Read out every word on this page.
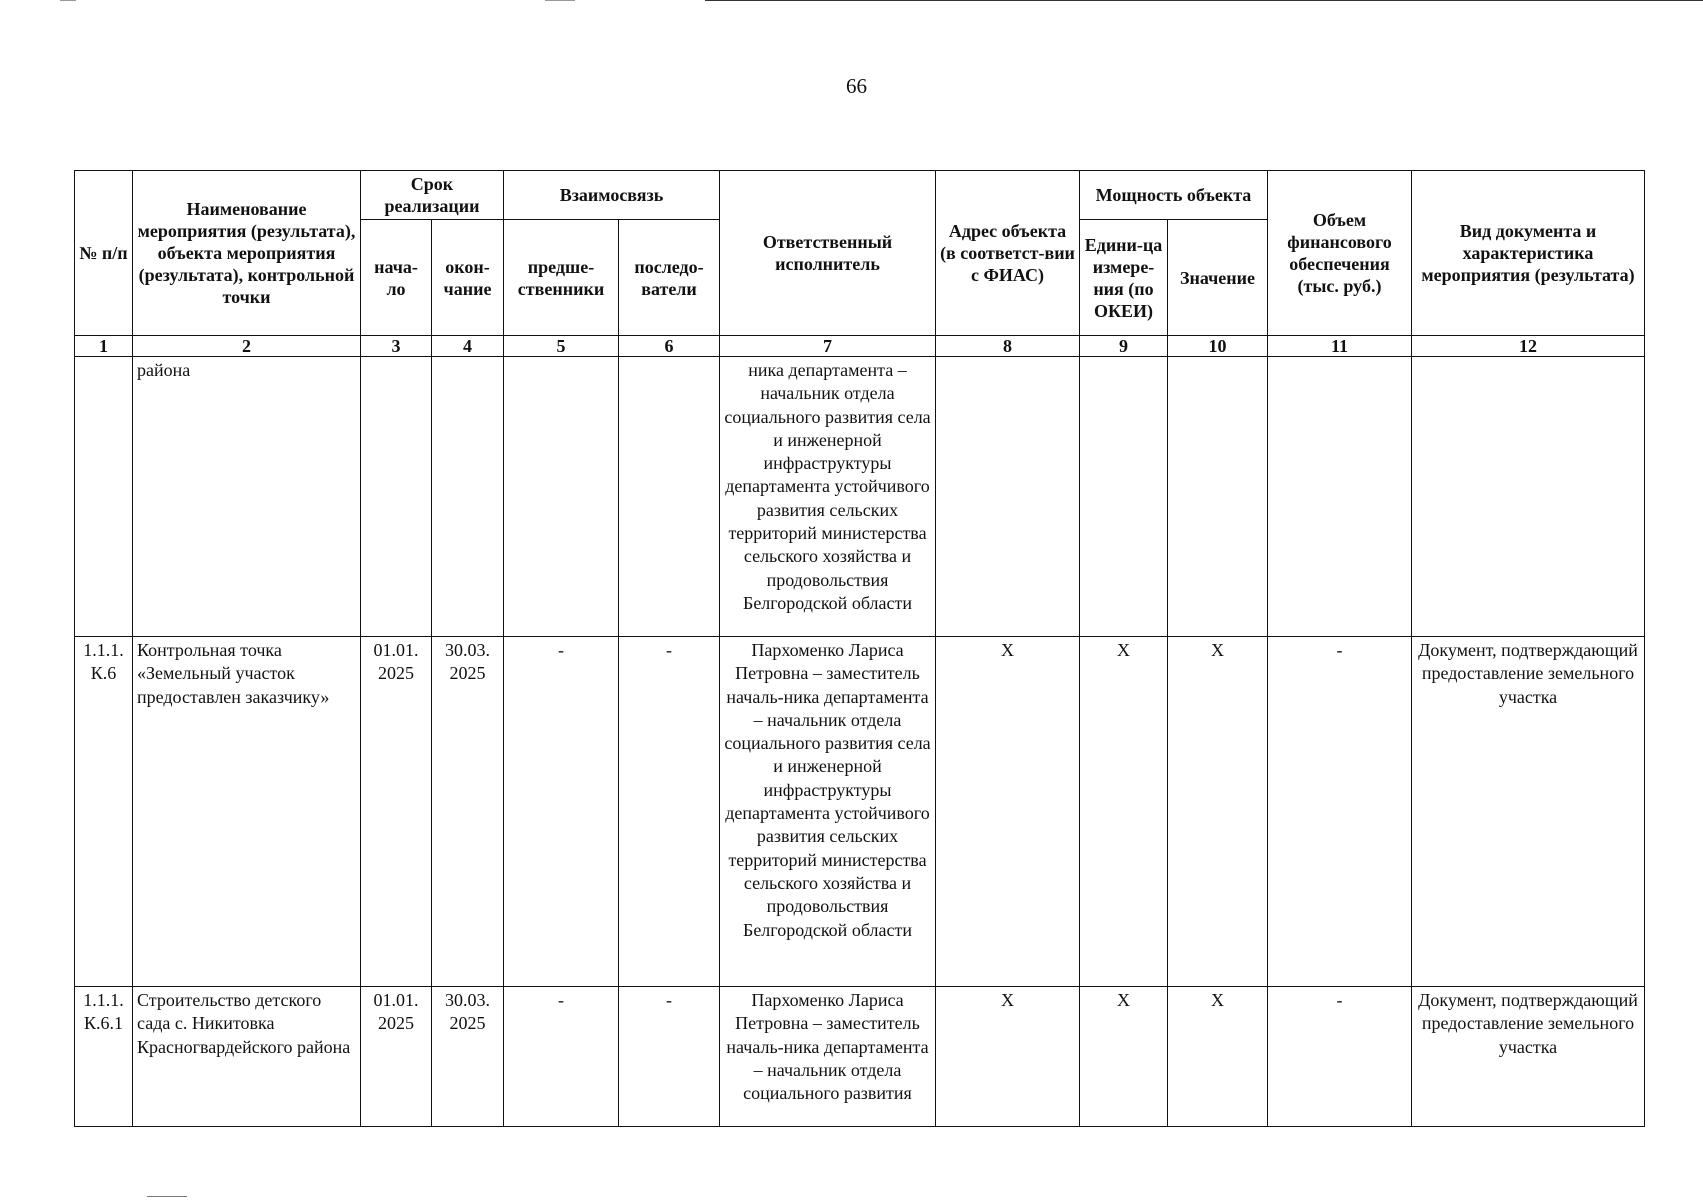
66
№ п/п	Наименование мероприятия (результата), объекта мероприятия (результата), контрольной точки	Срок реализации		Взаимосвязь		Ответственный исполнитель	Адрес объекта (в соответст-вии с ФИАС)	Мощность объекта		Объем финансового обеспечения (тыс. руб.)	Вид документа и характеристика мероприятия (результата)
		нача-ло	окон-чание	предше-ственники	последо-ватели			Едини-ца измере-ния (по ОКЕИ)	Значение		
1	2	3	4	5	6	7	8	9	10	11	12
	района					ника департамента – начальник отдела социального развития села и инженерной инфраструктуры департамента устойчивого развития сельских территорий министерства сельского хозяйства и продовольствия Белгородской области					
1.1.1. К.6	Контрольная точка «Земельный участок предоставлен заказчику»	01.01. 2025	30.03. 2025	-	-	Пархоменко Лариса Петровна – заместитель началь-ника департамента – начальник отдела социального развития села и инженерной инфраструктуры департамента устойчивого развития сельских территорий министерства сельского хозяйства и продовольствия Белгородской области	X	X	X	-	Документ, подтверждающий предоставление земельного участка
1.1.1. К.6.1	Строительство детского сада с. Никитовка Красногвардейского района	01.01. 2025	30.03. 2025	-	-	Пархоменко Лариса Петровна – заместитель началь-ника департамента – начальник отдела социального развития	X	X	X	-	Документ, подтверждающий предоставление земельного участка
